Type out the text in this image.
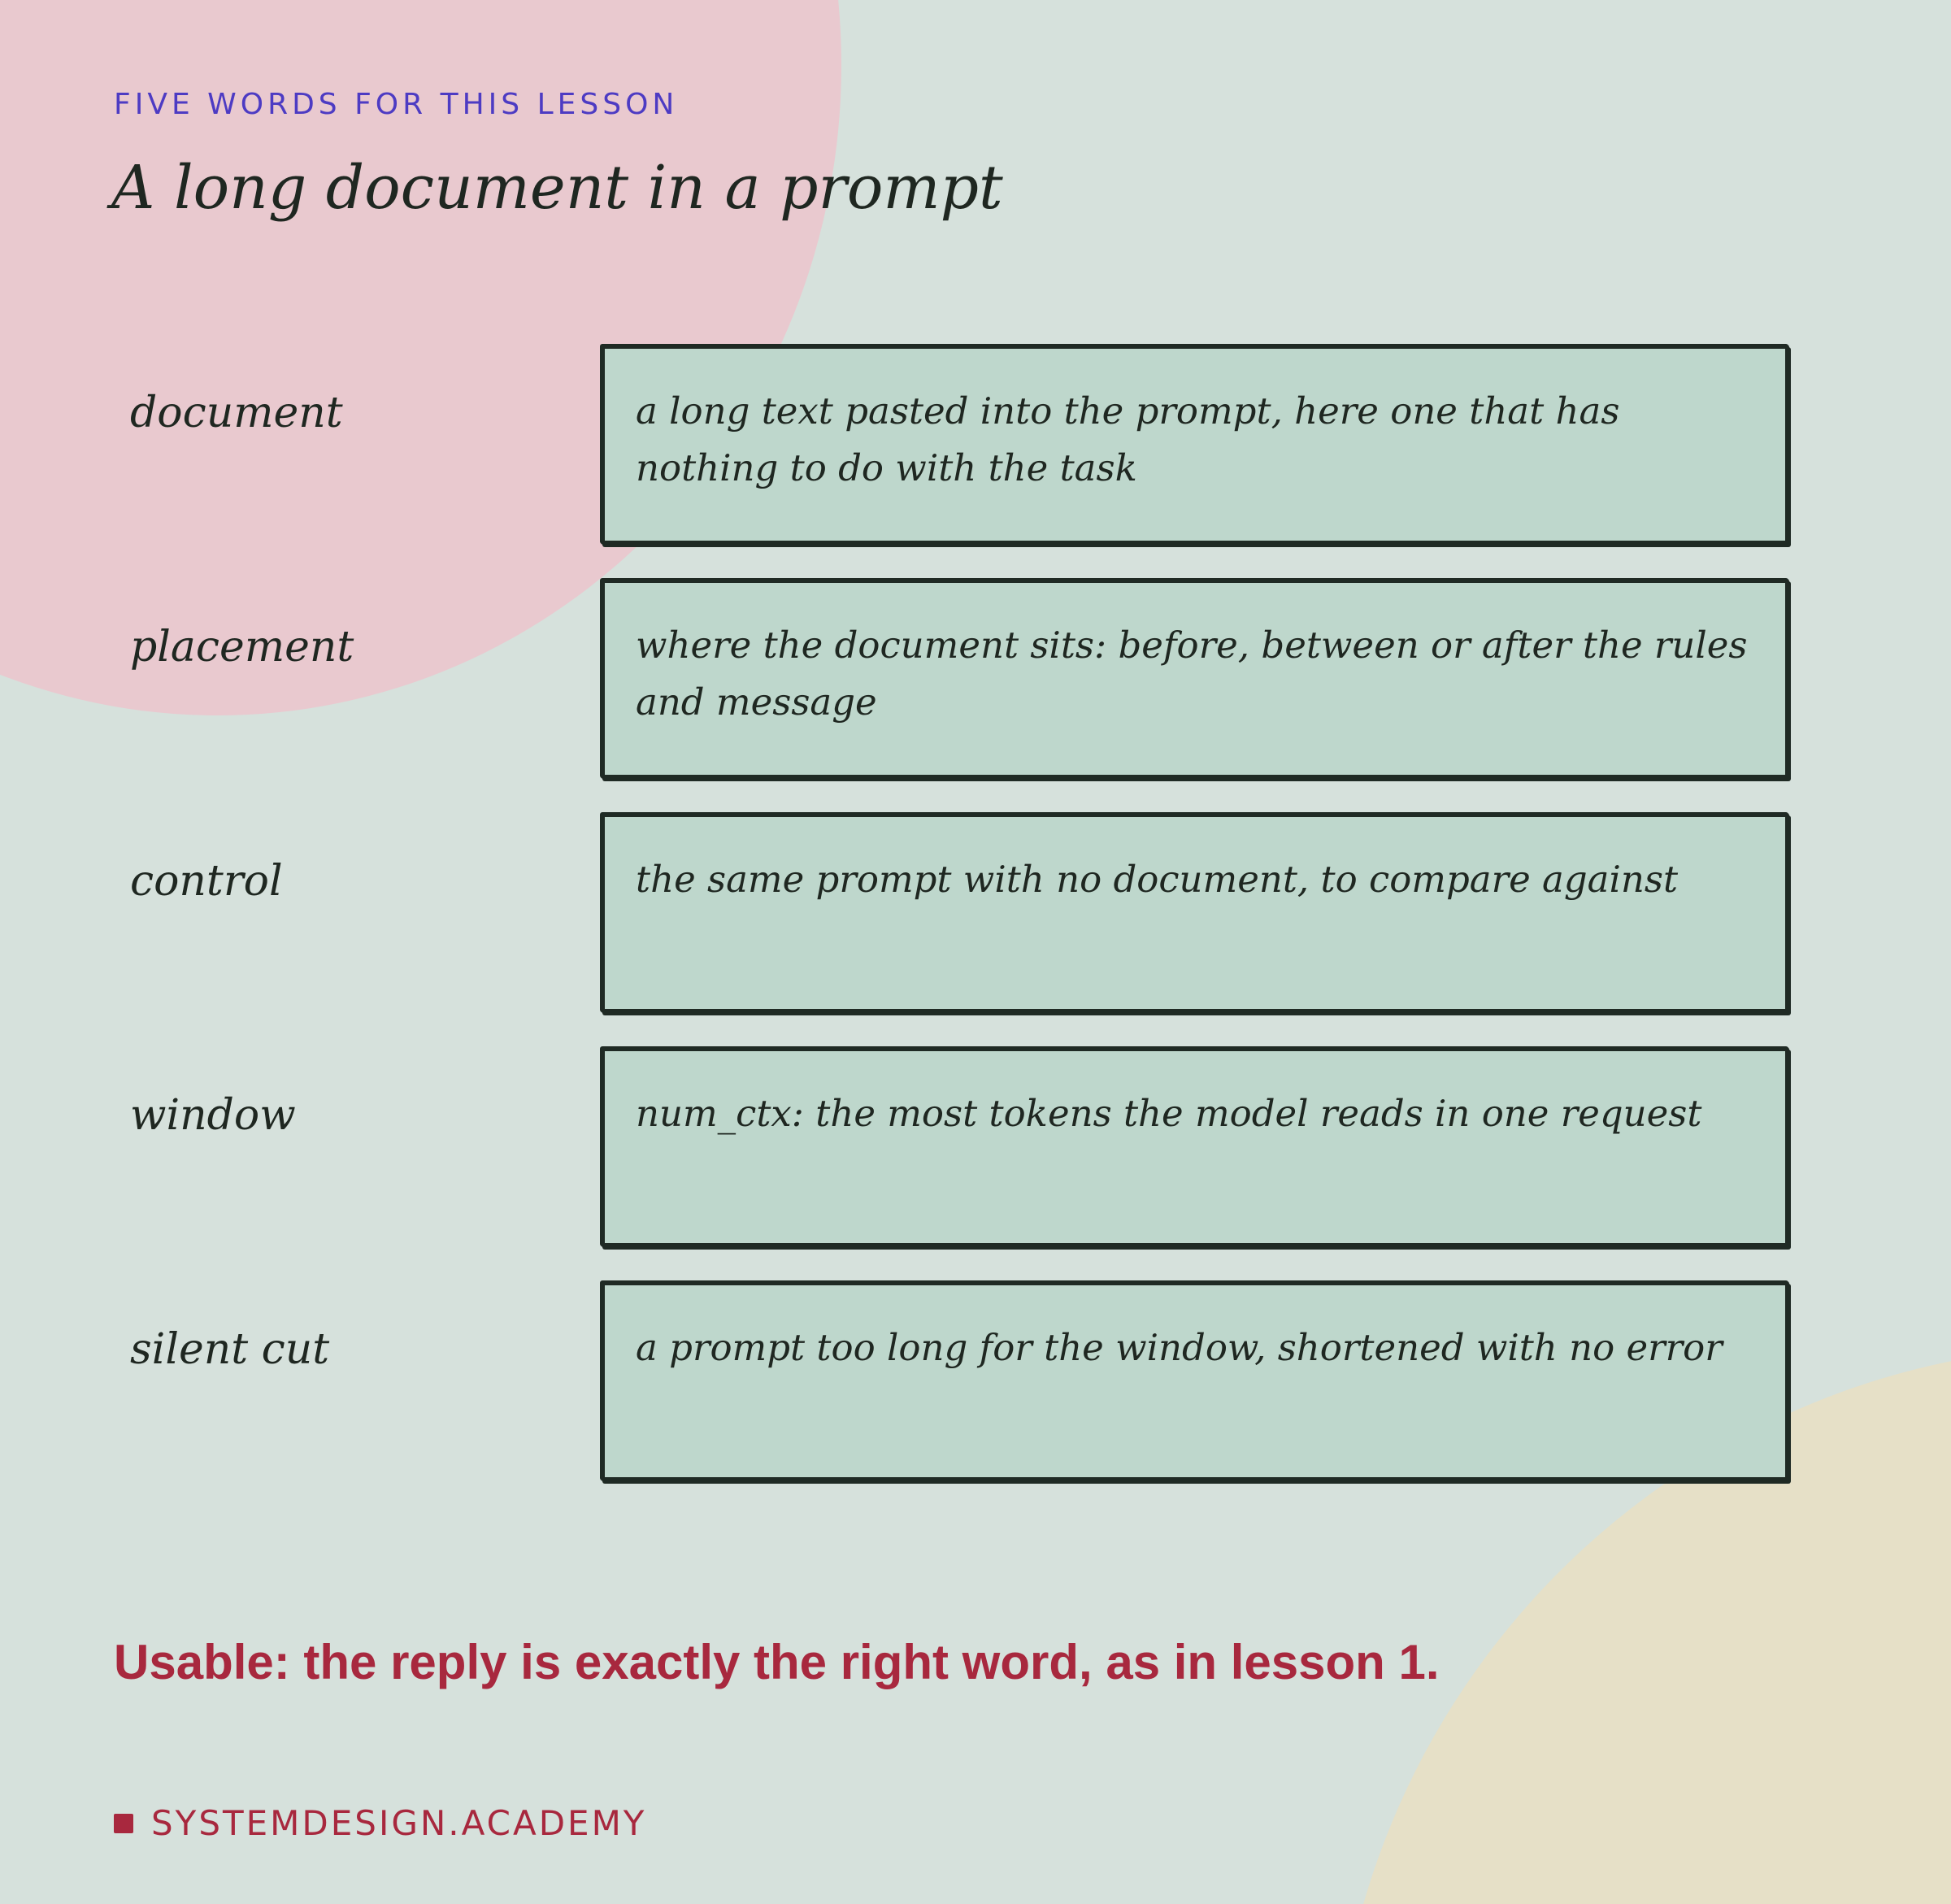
FIVE WORDS FOR THIS LESSON
A long document in a prompt
document	a long text pasted into the prompt, here one that has nothing to do with the task
placement	where the document sits: before, between or after the rules and message
control	the same prompt with no document, to compare against
window	num_ctx: the most tokens the model reads in one request
silent cut	a prompt too long for the window, shortened with no error
Usable: the reply is exactly the right word, as in lesson 1.
SYSTEMDESIGN.ACADEMY
